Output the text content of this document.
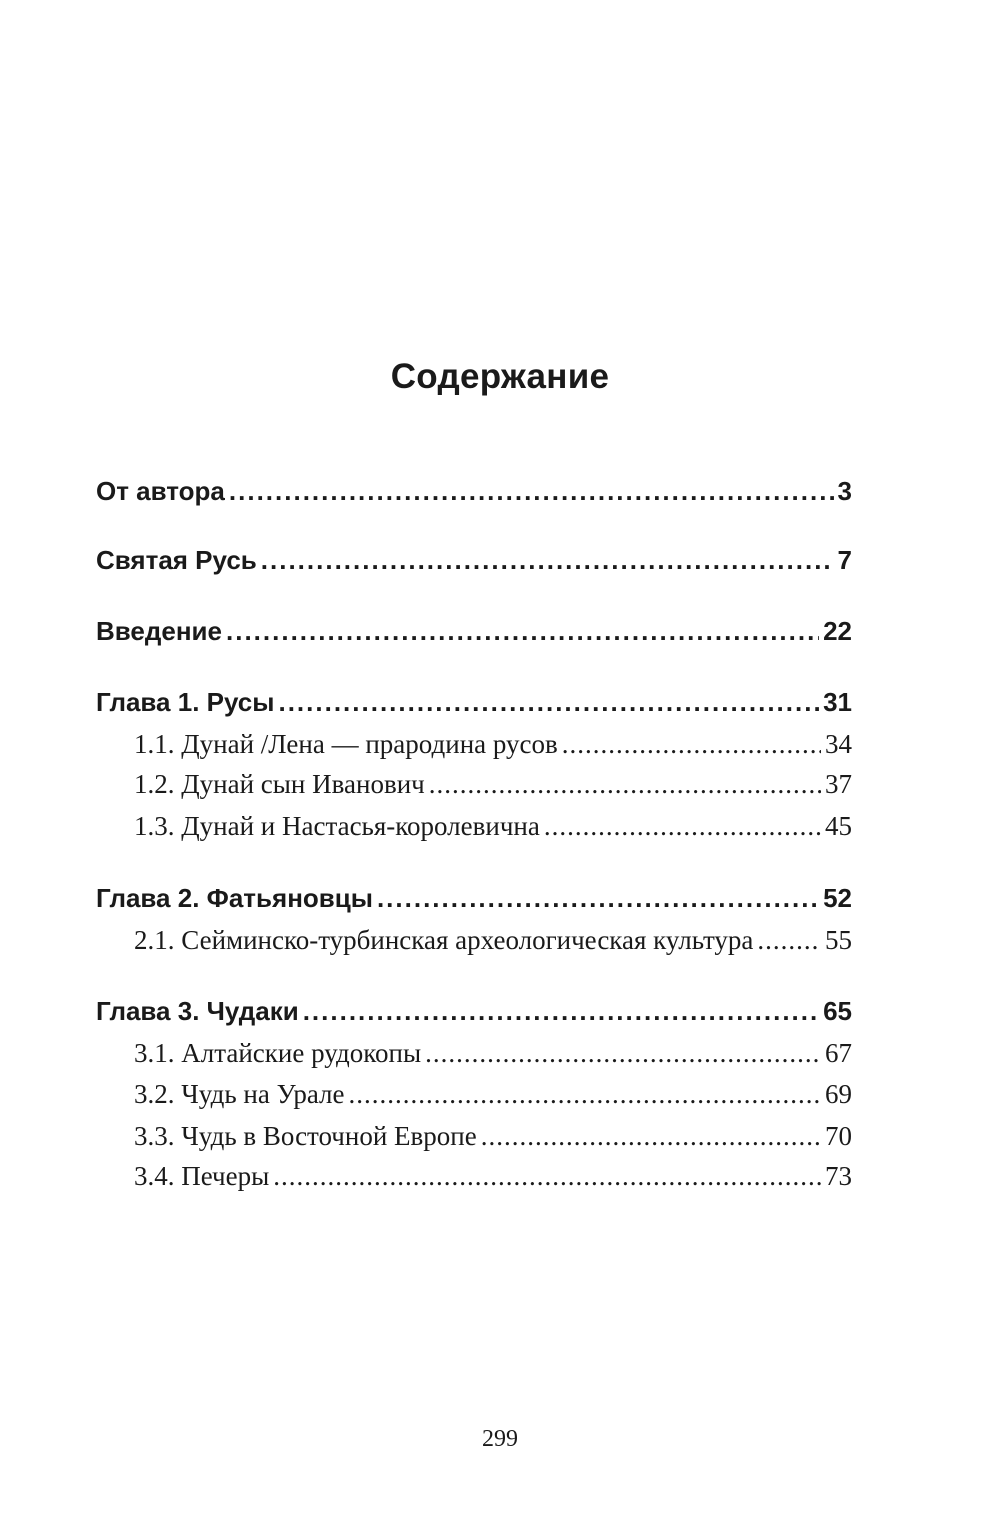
Содержание
От автора .....	3
Святая Русь .....	7
Введение .....	22
Глава 1. Русы .....	31
1.1. Дунай /Лена — прародина русов .....	34
1.2. Дунай сын Иванович .....	37
1.3. Дунай и Настасья-королевична .....	45
Глава 2. Фатьяновцы .....	52
2.1. Сейминско-турбинская археологическая культура .....	55
Глава 3. Чудаки .....	65
3.1. Алтайские рудокопы .....	67
3.2. Чудь на Урале .....	69
3.3. Чудь в Восточной Европе .....	70
3.4. Печеры .....	73
299
